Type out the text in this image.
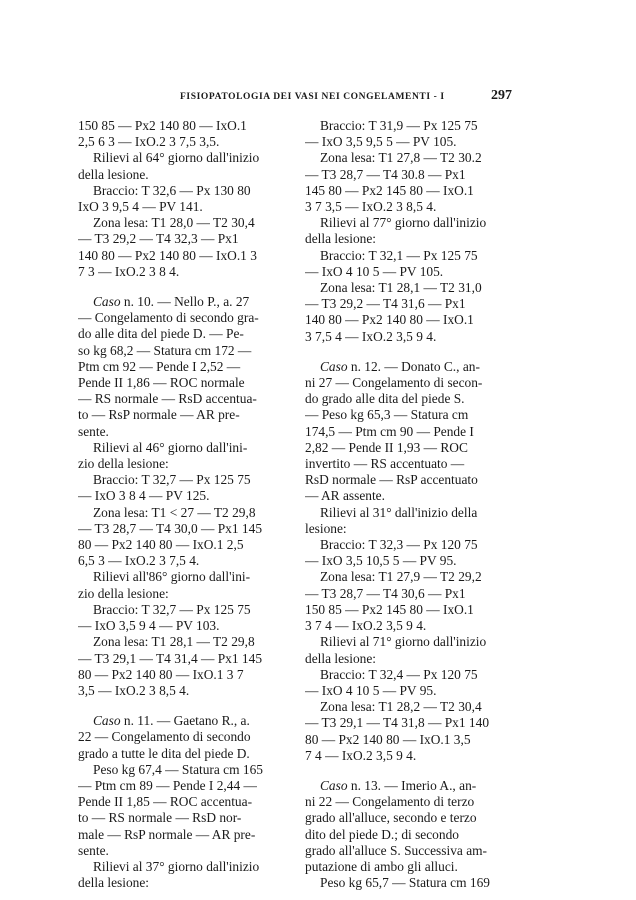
FISIOPATOLOGIA DEI VASI NEI CONGELAMENTI - I	297
150 85 — Px2 140 80 — IxO.1
2,5 6 3 — IxO.2 3 7,5 3,5.
Rilievi al 64° giorno dall'inizio
della lesione.
Braccio: T 32,6 — Px 130 80
IxO 3 9,5 4 — PV 141.
Zona lesa: T1 28,0 — T2 30,4
— T3 29,2 — T4 32,3 — Px1
140 80 — Px2 140 80 — IxO.1 3
7 3 — IxO.2 3 8 4.
Caso n. 10. — Nello P., a. 27
— Congelamento di secondo gra-
do alle dita del piede D. — Pe-
so kg 68,2 — Statura cm 172 —
Ptm cm 92 — Pende I 2,52 —
Pende II 1,86 — ROC normale
— RS normale — RsD accentua-
to — RsP normale — AR pre-
sente.
Rilievi al 46° giorno dall'ini-
zio della lesione:
Braccio: T 32,7 — Px 125 75
— IxO 3 8 4 — PV 125.
Zona lesa: T1 < 27 — T2 29,8
— T3 28,7 — T4 30,0 — Px1 145
80 — Px2 140 80 — IxO.1 2,5
6,5 3 — IxO.2 3 7,5 4.
Rilievi all'86° giorno dall'ini-
zio della lesione:
Braccio: T 32,7 — Px 125 75
— IxO 3,5 9 4 — PV 103.
Zona lesa: T1 28,1 — T2 29,8
— T3 29,1 — T4 31,4 — Px1 145
80 — Px2 140 80 — IxO.1 3 7
3,5 — IxO.2 3 8,5 4.
Caso n. 11. — Gaetano R., a.
22 — Congelamento di secondo
grado a tutte le dita del piede D.
Peso kg 67,4 — Statura cm 165
— Ptm cm 89 — Pende I 2,44 —
Pende II 1,85 — ROC accentua-
to — RS normale — RsD nor-
male — RsP normale — AR pre-
sente.
Rilievi al 37° giorno dall'inizio
della lesione:
Braccio: T 31,9 — Px 125 75
— IxO 3,5 9,5 5 — PV 105.
Zona lesa: T1 27,8 — T2 30.2
— T3 28,7 — T4 30.8 — Px1
145 80 — Px2 145 80 — IxO.1
3 7 3,5 — IxO.2 3 8,5 4.
Rilievi al 77° giorno dall'inizio
della lesione:
Braccio: T 32,1 — Px 125 75
— IxO 4 10 5 — PV 105.
Zona lesa: T1 28,1 — T2 31,0
— T3 29,2 — T4 31,6 — Px1
140 80 — Px2 140 80 — IxO.1
3 7,5 4 — IxO.2 3,5 9 4.
Caso n. 12. — Donato C., an-
ni 27 — Congelamento di secon-
do grado alle dita del piede S.
— Peso kg 65,3 — Statura cm
174,5 — Ptm cm 90 — Pende I
2,82 — Pende II 1,93 — ROC
invertito — RS accentuato —
RsD normale — RsP accentuato
— AR assente.
Rilievi al 31° dall'inizio della
lesione:
Braccio: T 32,3 — Px 120 75
— IxO 3,5 10,5 5 — PV 95.
Zona lesa: T1 27,9 — T2 29,2
— T3 28,7 — T4 30,6 — Px1
150 85 — Px2 145 80 — IxO.1
3 7 4 — IxO.2 3,5 9 4.
Rilievi al 71° giorno dall'inizio
della lesione:
Braccio: T 32,4 — Px 120 75
— IxO 4 10 5 — PV 95.
Zona lesa: T1 28,2 — T2 30,4
— T3 29,1 — T4 31,8 — Px1 140
80 — Px2 140 80 — IxO.1 3,5
7 4 — IxO.2 3,5 9 4.
Caso n. 13. — Imerio A., an-
ni 22 — Congelamento di terzo
grado all'alluce, secondo e terzo
dito del piede D.; di secondo
grado all'alluce S. Successiva am-
putazione di ambo gli alluci.
Peso kg 65,7 — Statura cm 169
